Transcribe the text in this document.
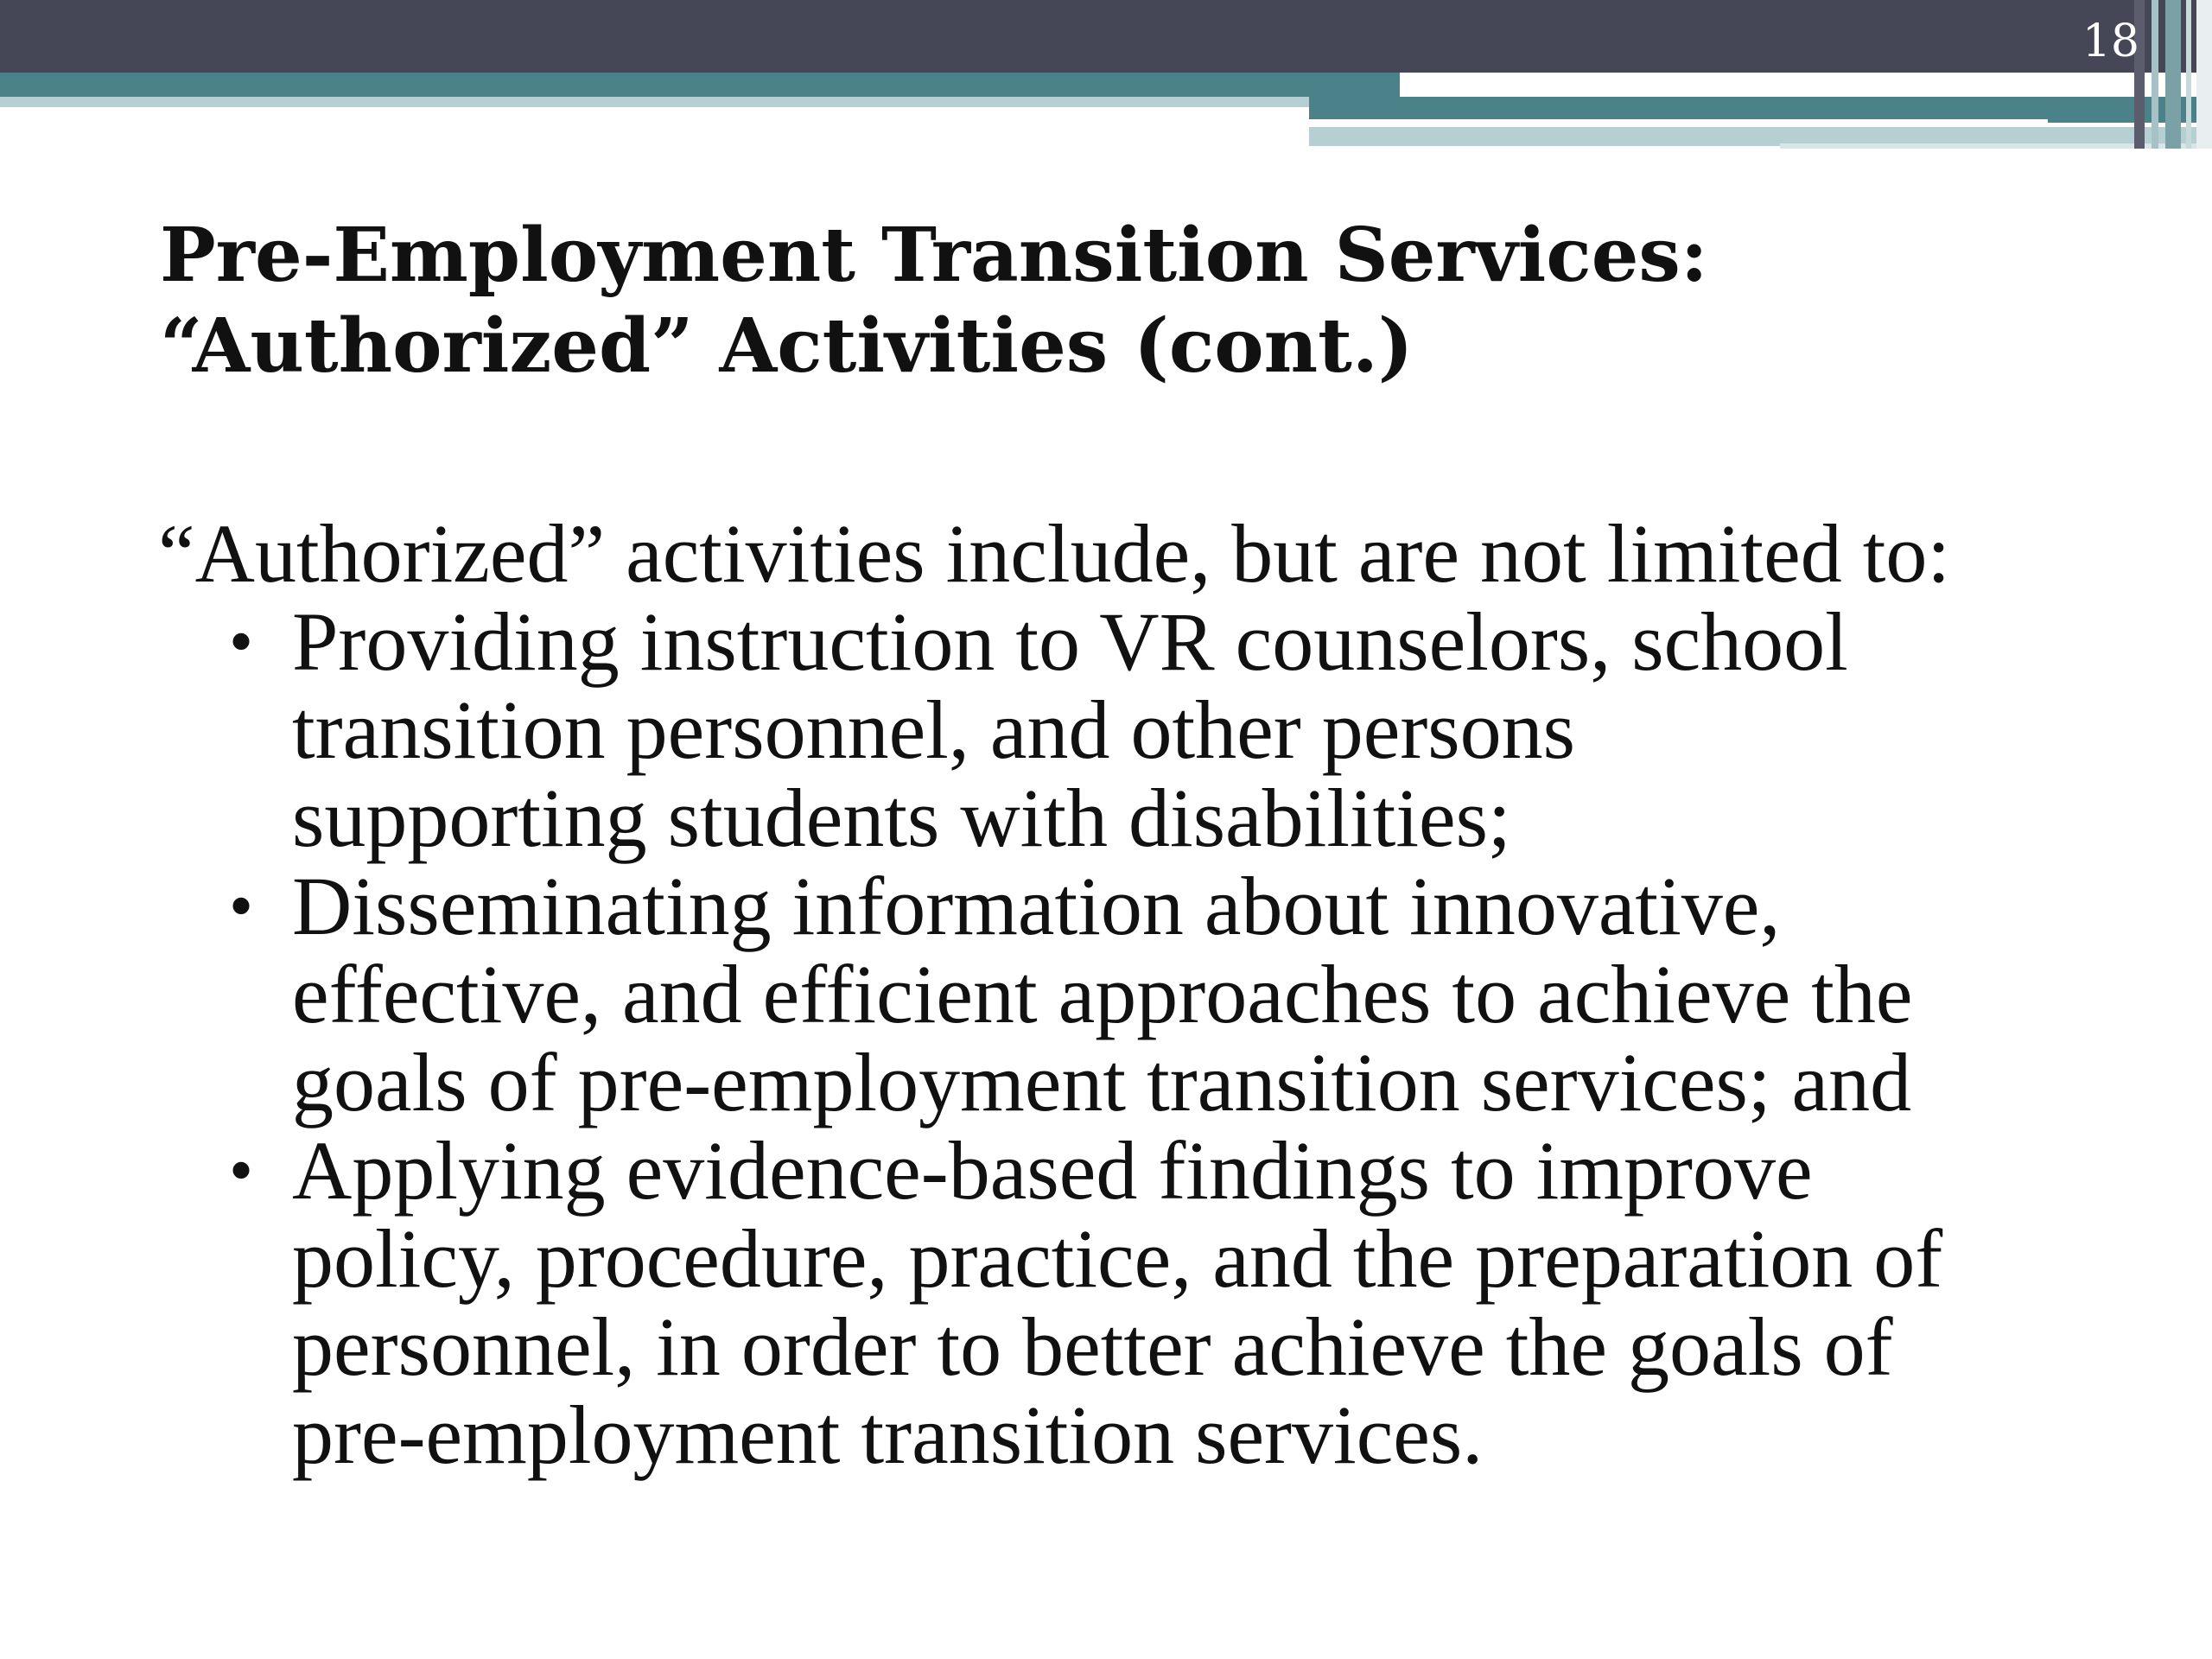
18
Pre-Employment Transition Services:
“Authorized” Activities (cont.)

“Authorized” activities include, but are not limited to:

• Providing instruction to VR counselors, school
transition personnel, and other persons
supporting students with disabilities;
• Disseminating information about innovative,
effective, and efficient approaches to achieve the
goals of pre-employment transition services; and
• Applying evidence-based findings to improve
policy, procedure, practice, and the preparation of
personnel, in order to better achieve the goals of
pre-employment transition services.
